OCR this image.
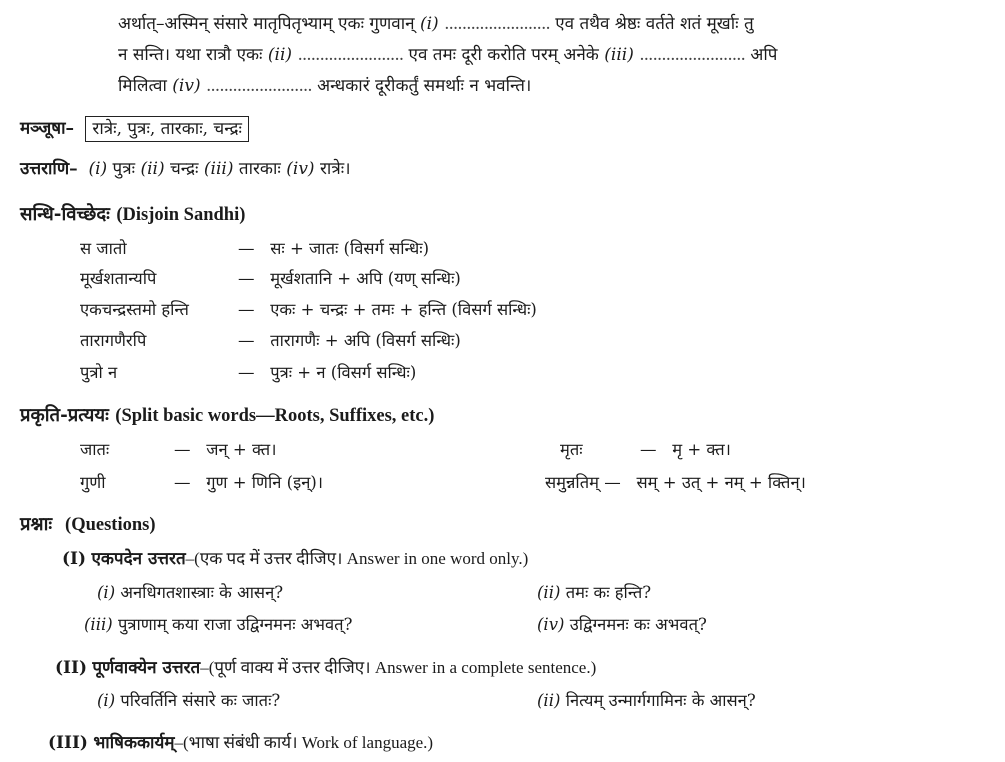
अर्थात्–अस्मिन् संसारे मातृपितृभ्याम् एकः गुणवान् (i) ........................ एव तथैव श्रेष्ठः वर्तते शतं मूर्खाः तु
न सन्ति। यथा रात्रौ एकः (ii) ........................ एव तमः दूरी करोति परम् अनेके (iii) ........................ अपि
मिलित्वा (iv) ........................ अन्धकारं दूरीकर्तुं समर्थाः न भवन्ति।
मञ्जूषा– रात्रेः, पुत्रः, तारकाः, चन्द्रः
उत्तराणि– (i) पुत्रः (ii) चन्द्रः (iii) तारकाः (iv) रात्रेः।
सन्धि-विच्छेदः (Disjoin Sandhi)
स जातो	— सः + जातः (विसर्ग सन्धिः)
मूर्खशतान्यपि	— मूर्खशतानि + अपि (यण् सन्धिः)
एकचन्द्रस्तमो हन्ति	— एकः + चन्द्रः + तमः + हन्ति (विसर्ग सन्धिः)
तारागणैरपि	— तारागणैः + अपि (विसर्ग सन्धिः)
पुत्रो न	— पुत्रः + न (विसर्ग सन्धिः)
प्रकृति-प्रत्ययः (Split basic words—Roots, Suffixes, etc.)
जातः	— जन् + क्त।	मृतः	— मृ + क्त।
गुणी	— गुण + णिनि (इन्)।	समुन्नतिम् — सम् + उत् + नम् + क्तिन्।
प्रश्नाः (Questions)
(I) एकपदेन उत्तरत–(एक पद में उत्तर दीजिए। Answer in one word only.)
(i) अनधिगतशास्त्राः के आसन्?	(ii) तमः कः हन्ति?
(iii) पुत्राणाम् कया राजा उद्विग्नमनः अभवत्?	(iv) उद्विग्नमनः कः अभवत्?
(II) पूर्णवाक्येन उत्तरत–(पूर्ण वाक्य में उत्तर दीजिए। Answer in a complete sentence.)
(i) परिवर्तिनि संसारे कः जातः?	(ii) नित्यम् उन्मार्गगामिनः के आसन्?
(III) भाषिककार्यम्–(भाषा संबंधी कार्य। Work of language.)
